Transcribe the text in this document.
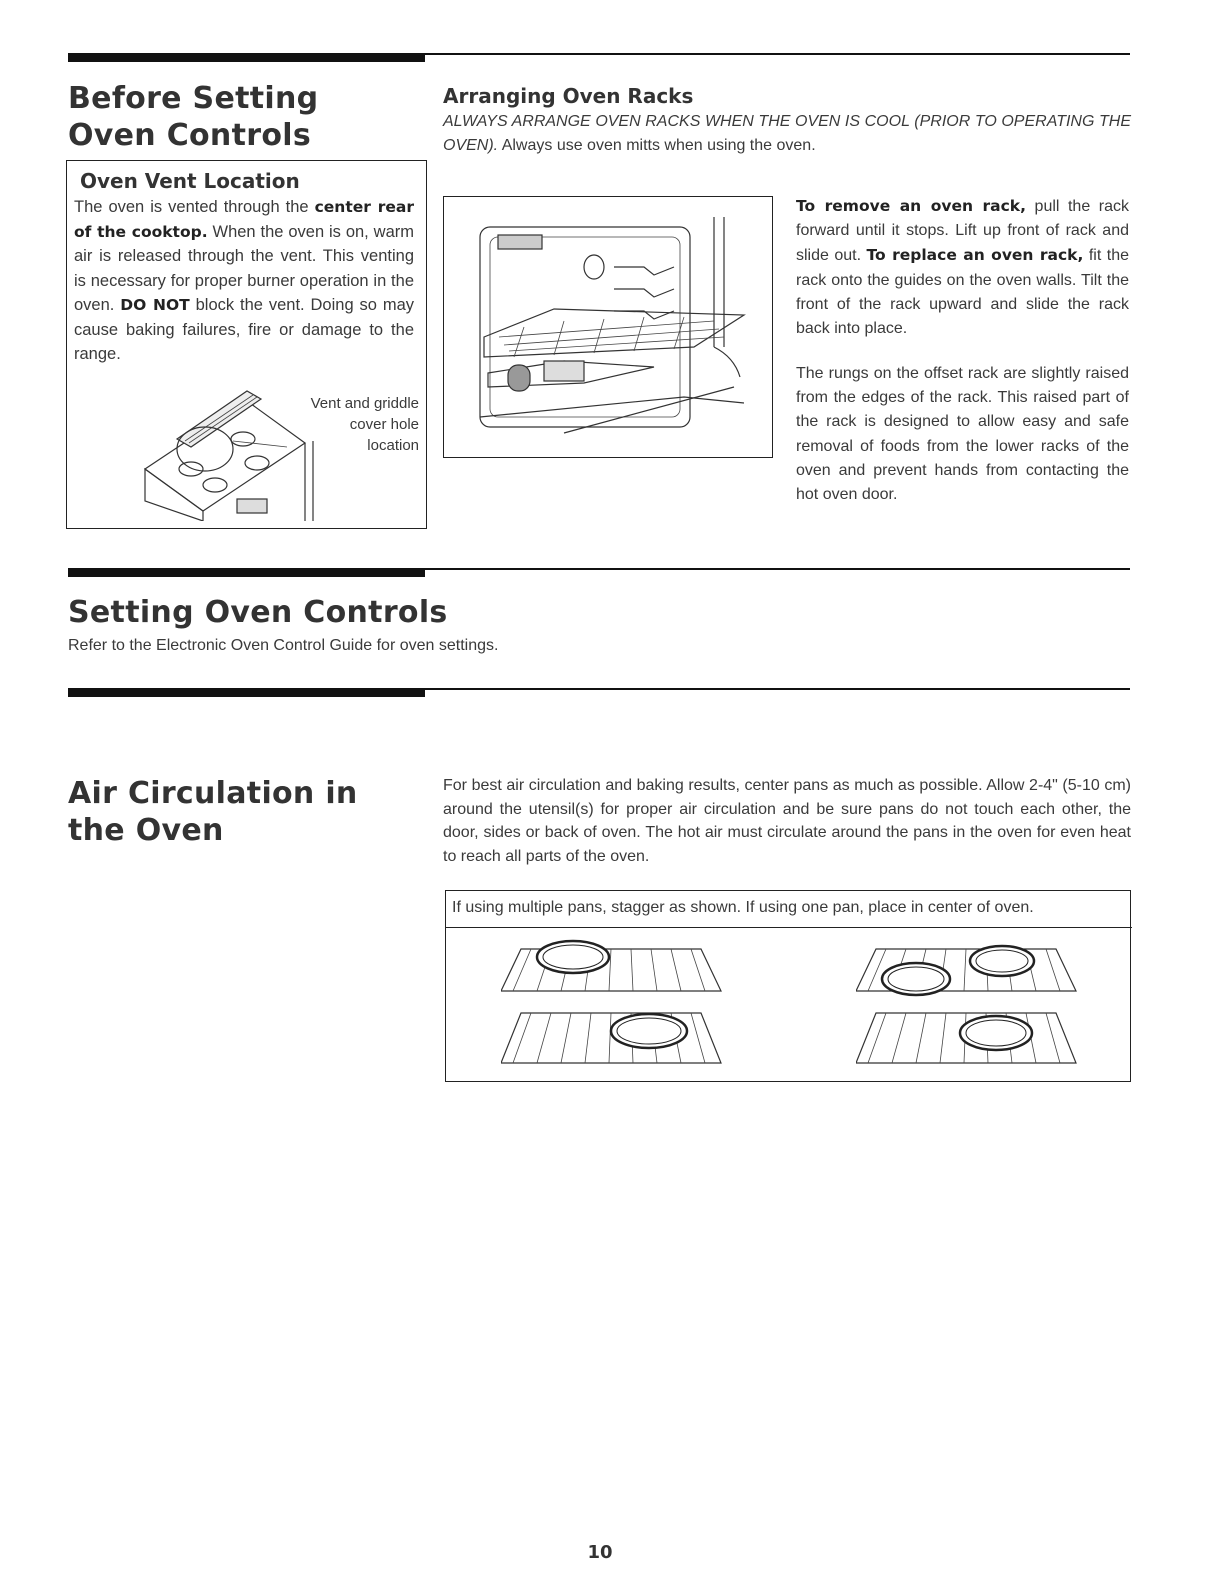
Before Setting Oven Controls
Oven Vent Location

The oven is vented through the center rear of the cooktop. When the oven is on, warm air is released through the vent. This venting is necessary for proper burner operation in the oven. DO NOT block the vent. Doing so may cause baking failures, fire or damage to the range.

Vent and griddle
cover hole
location
Arranging Oven Racks

ALWAYS ARRANGE OVEN RACKS WHEN THE OVEN IS COOL (PRIOR TO OPERATING THE OVEN). Always use oven mitts when using the oven.

To remove an oven rack, pull the rack forward until it stops. Lift up front of rack and slide out. To replace an oven rack, fit the rack onto the guides on the oven walls. Tilt the front of the rack upward and slide the rack back into place.

The rungs on the offset rack are slightly raised from the edges of the rack. This raised part of the rack is designed to allow easy and safe removal of foods from the lower racks of the oven and prevent hands from contacting the hot oven door.

Setting Oven Controls

Refer to the Electronic Oven Control Guide for oven settings.

Air Circulation in the Oven

For best air circulation and baking results, center pans as much as possible. Allow 2-4" (5-10 cm) around the utensil(s) for proper air circulation and be sure pans do not touch each other, the door, sides or back of oven. The hot air must circulate around the pans in the oven for even heat to reach all parts of the oven.

If using multiple pans, stagger as shown. If using one pan, place in center of oven.
10
